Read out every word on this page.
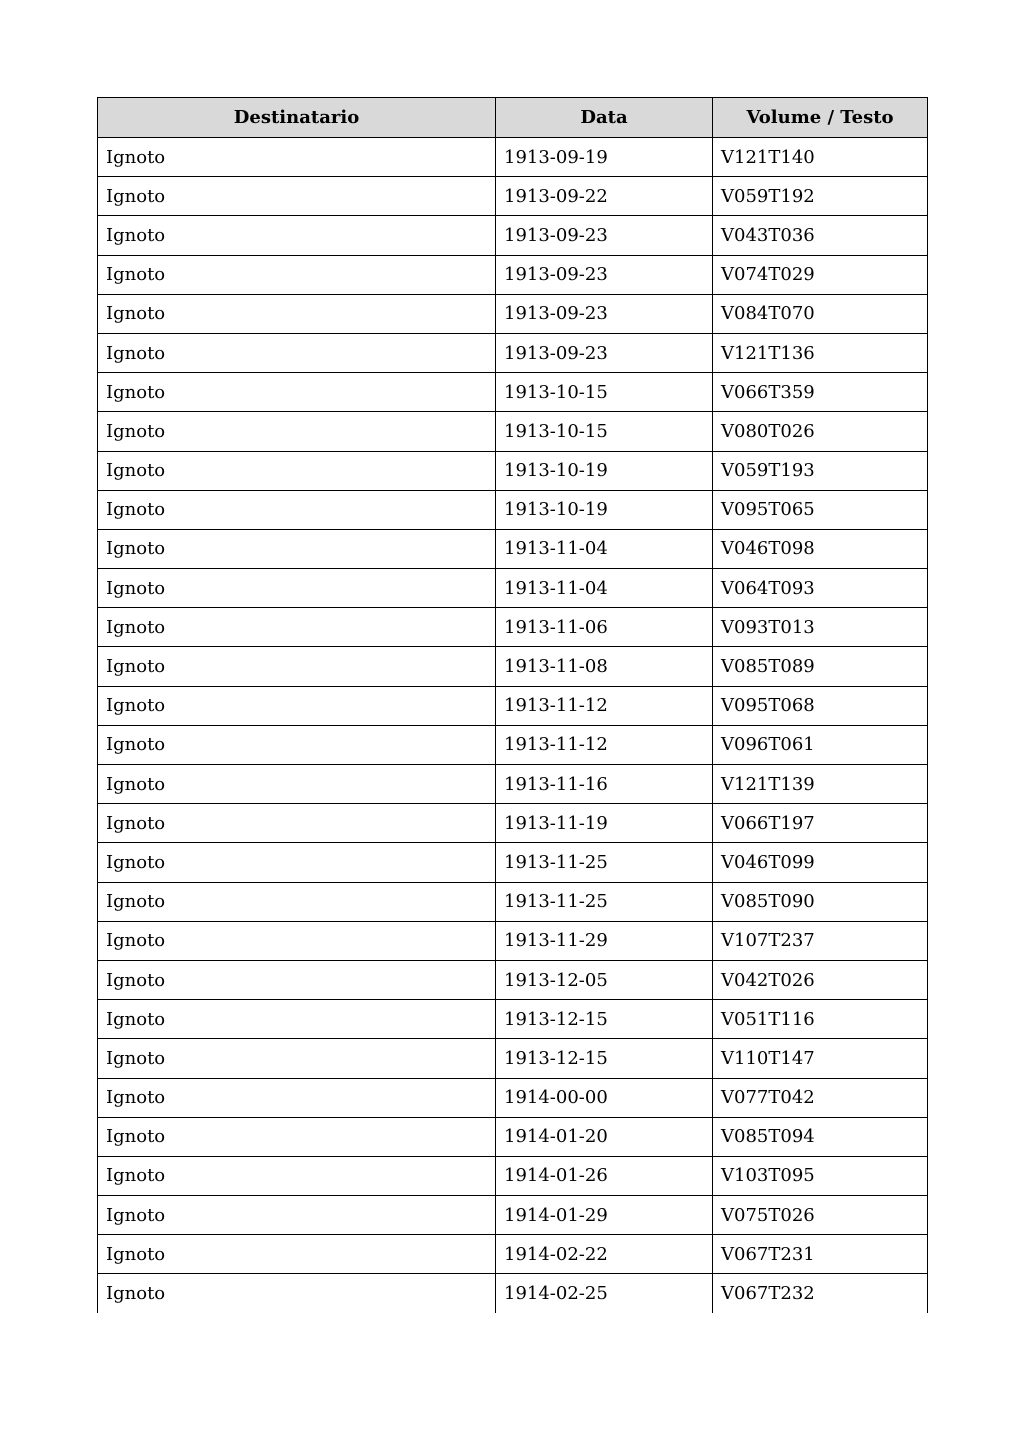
Destinatario	Data	Volume / Testo
Ignoto	1913-09-19	V121T140
Ignoto	1913-09-22	V059T192
Ignoto	1913-09-23	V043T036
Ignoto	1913-09-23	V074T029
Ignoto	1913-09-23	V084T070
Ignoto	1913-09-23	V121T136
Ignoto	1913-10-15	V066T359
Ignoto	1913-10-15	V080T026
Ignoto	1913-10-19	V059T193
Ignoto	1913-10-19	V095T065
Ignoto	1913-11-04	V046T098
Ignoto	1913-11-04	V064T093
Ignoto	1913-11-06	V093T013
Ignoto	1913-11-08	V085T089
Ignoto	1913-11-12	V095T068
Ignoto	1913-11-12	V096T061
Ignoto	1913-11-16	V121T139
Ignoto	1913-11-19	V066T197
Ignoto	1913-11-25	V046T099
Ignoto	1913-11-25	V085T090
Ignoto	1913-11-29	V107T237
Ignoto	1913-12-05	V042T026
Ignoto	1913-12-15	V051T116
Ignoto	1913-12-15	V110T147
Ignoto	1914-00-00	V077T042
Ignoto	1914-01-20	V085T094
Ignoto	1914-01-26	V103T095
Ignoto	1914-01-29	V075T026
Ignoto	1914-02-22	V067T231
Ignoto	1914-02-25	V067T232
